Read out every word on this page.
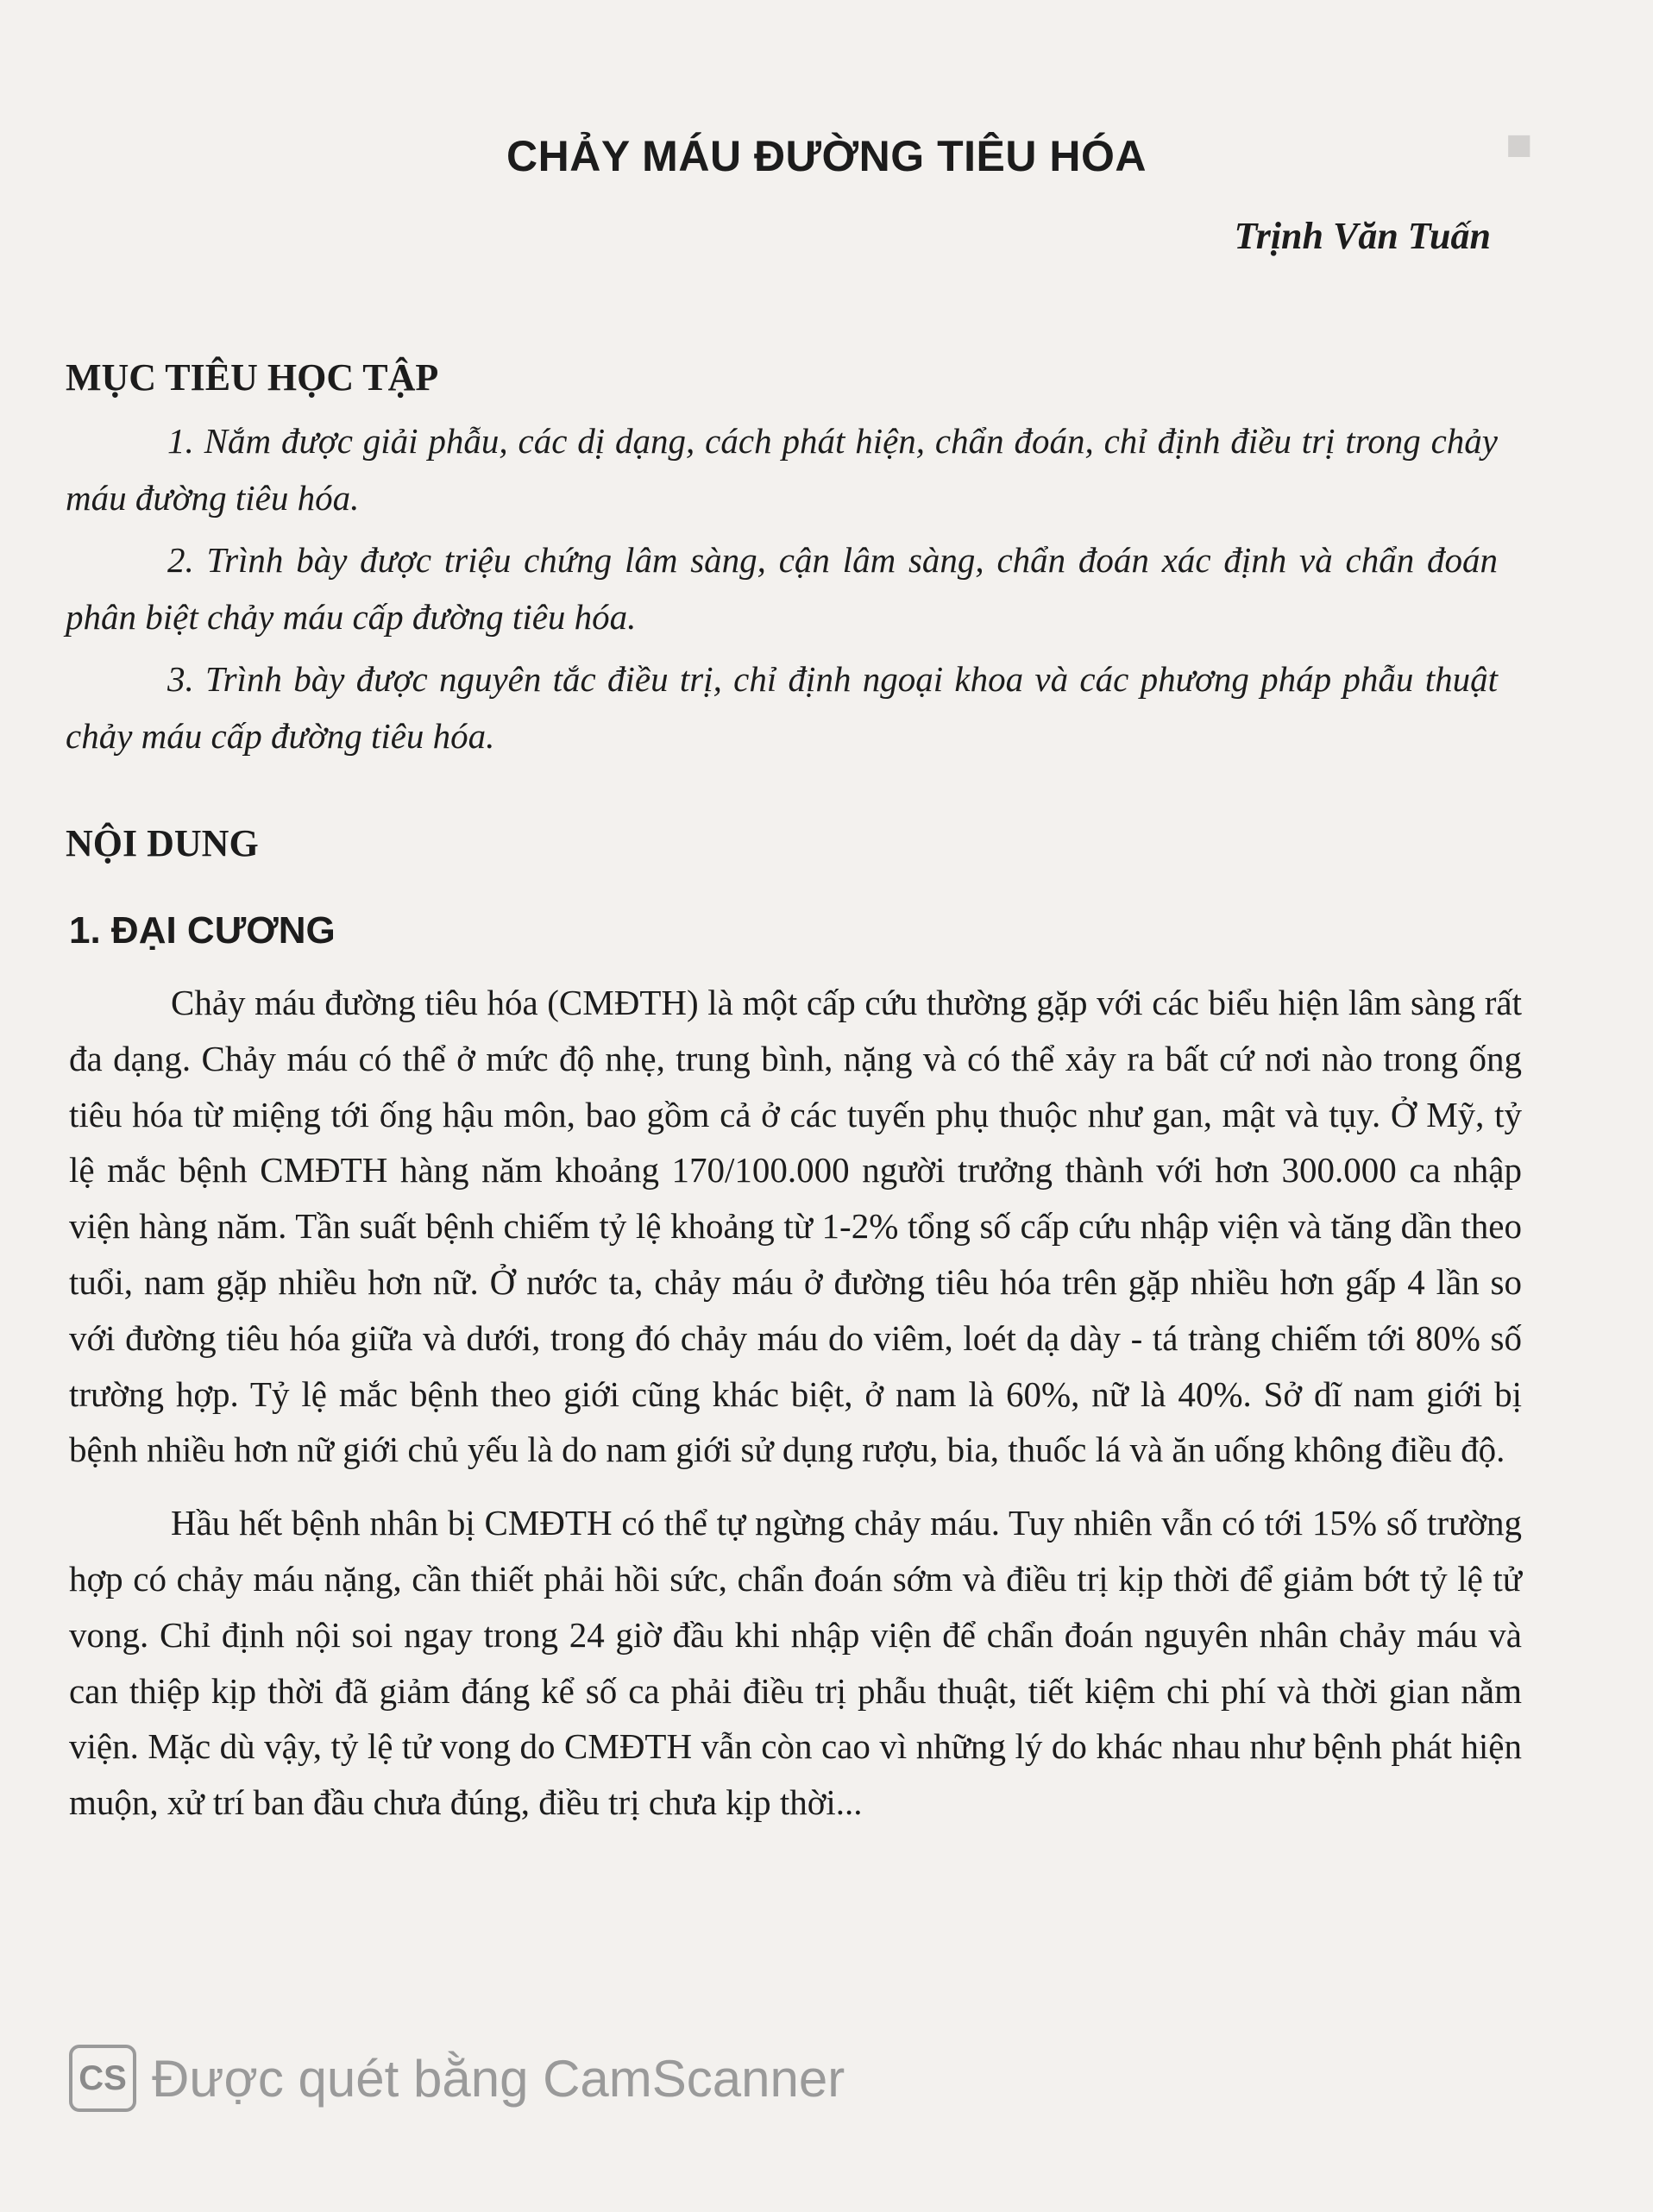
■
CHẢY MÁU ĐƯỜNG TIÊU HÓA
Trịnh Văn Tuấn
MỤC TIÊU HỌC TẬP

1. Nắm được giải phẫu, các dị dạng, cách phát hiện, chẩn đoán, chỉ định điều trị trong chảy máu đường tiêu hóa.

2. Trình bày được triệu chứng lâm sàng, cận lâm sàng, chẩn đoán xác định và chẩn đoán phân biệt chảy máu cấp đường tiêu hóa.

3. Trình bày được nguyên tắc điều trị, chỉ định ngoại khoa và các phương pháp phẫu thuật chảy máu cấp đường tiêu hóa.

NỘI DUNG
1. ĐẠI CƯƠNG

Chảy máu đường tiêu hóa (CMĐTH) là một cấp cứu thường gặp với các biểu hiện lâm sàng rất đa dạng. Chảy máu có thể ở mức độ nhẹ, trung bình, nặng và có thể xảy ra bất cứ nơi nào trong ống tiêu hóa từ miệng tới ống hậu môn, bao gồm cả ở các tuyến phụ thuộc như gan, mật và tụy. Ở Mỹ, tỷ lệ mắc bệnh CMĐTH hàng năm khoảng 170/100.000 người trưởng thành với hơn 300.000 ca nhập viện hàng năm. Tần suất bệnh chiếm tỷ lệ khoảng từ 1-2% tổng số cấp cứu nhập viện và tăng dần theo tuổi, nam gặp nhiều hơn nữ. Ở nước ta, chảy máu ở đường tiêu hóa trên gặp nhiều hơn gấp 4 lần so với đường tiêu hóa giữa và dưới, trong đó chảy máu do viêm, loét dạ dày - tá tràng chiếm tới 80% số trường hợp. Tỷ lệ mắc bệnh theo giới cũng khác biệt, ở nam là 60%, nữ là 40%. Sở dĩ nam giới bị bệnh nhiều hơn nữ giới chủ yếu là do nam giới sử dụng rượu, bia, thuốc lá và ăn uống không điều độ.

Hầu hết bệnh nhân bị CMĐTH có thể tự ngừng chảy máu. Tuy nhiên vẫn có tới 15% số trường hợp có chảy máu nặng, cần thiết phải hồi sức, chẩn đoán sớm và điều trị kịp thời để giảm bớt tỷ lệ tử vong. Chỉ định nội soi ngay trong 24 giờ đầu khi nhập viện để chẩn đoán nguyên nhân chảy máu và can thiệp kịp thời đã giảm đáng kể số ca phải điều trị phẫu thuật, tiết kiệm chi phí và thời gian nằm viện. Mặc dù vậy, tỷ lệ tử vong do CMĐTH vẫn còn cao vì những lý do khác nhau như bệnh phát hiện muộn, xử trí ban đầu chưa đúng, điều trị chưa kịp thời...

CS Được quét bằng CamScanner
